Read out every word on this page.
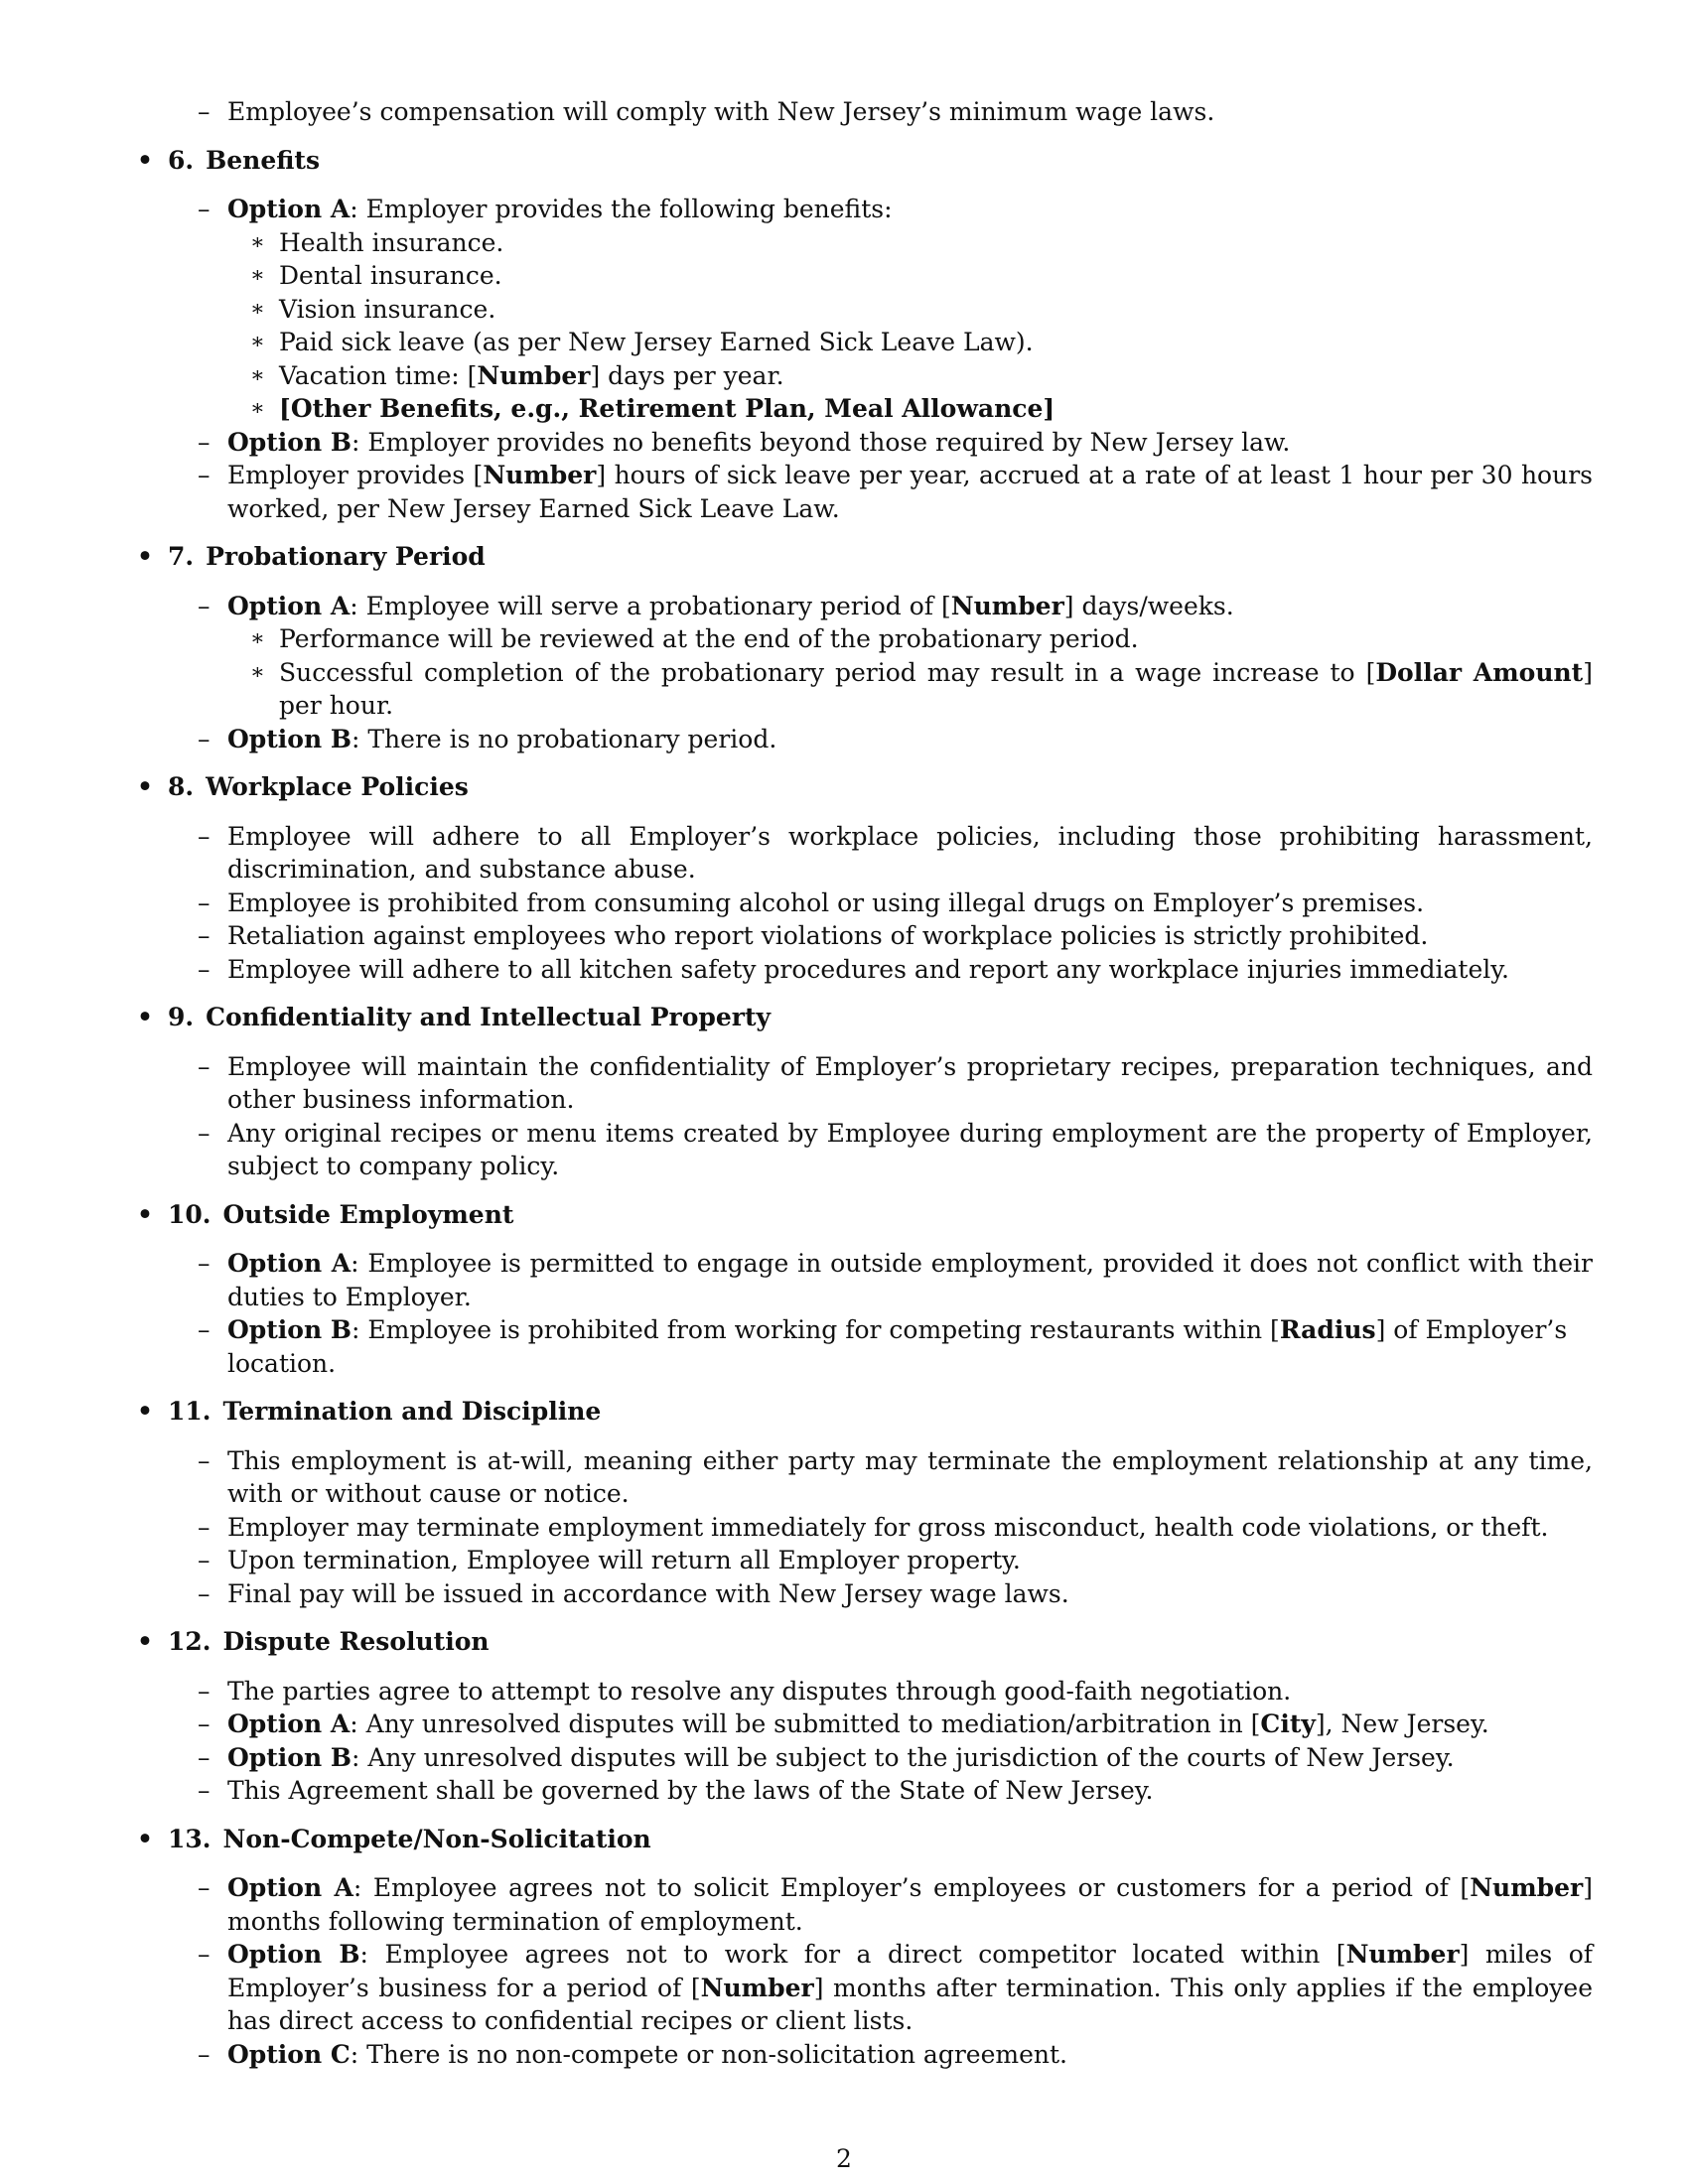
– Employee’s compensation will comply with New Jersey’s minimum wage laws.
• 6. Benefits
– Option A: Employer provides the following benefits:
∗ Health insurance.
∗ Dental insurance.
∗ Vision insurance.
∗ Paid sick leave (as per New Jersey Earned Sick Leave Law).
∗ Vacation time: [Number] days per year.
∗ [Other Benefits, e.g., Retirement Plan, Meal Allowance]
– Option B: Employer provides no benefits beyond those required by New Jersey law.
– Employer provides [Number] hours of sick leave per year, accrued at a rate of at least 1 hour per 30 hours worked, per New Jersey Earned Sick Leave Law.
• 7. Probationary Period
– Option A: Employee will serve a probationary period of [Number] days/weeks.
∗ Performance will be reviewed at the end of the probationary period.
∗ Successful completion of the probationary period may result in a wage increase to [Dollar Amount] per hour.
– Option B: There is no probationary period.
• 8. Workplace Policies
– Employee will adhere to all Employer’s workplace policies, including those prohibiting harassment, discrimination, and substance abuse.
– Employee is prohibited from consuming alcohol or using illegal drugs on Employer’s premises.
– Retaliation against employees who report violations of workplace policies is strictly prohibited.
– Employee will adhere to all kitchen safety procedures and report any workplace injuries immediately.
• 9. Confidentiality and Intellectual Property
– Employee will maintain the confidentiality of Employer’s proprietary recipes, preparation techniques, and other business information.
– Any original recipes or menu items created by Employee during employment are the property of Employer, subject to company policy.
• 10. Outside Employment
– Option A: Employee is permitted to engage in outside employment, provided it does not conflict with their duties to Employer.
– Option B: Employee is prohibited from working for competing restaurants within [Radius] of Employer’s location.
• 11. Termination and Discipline
– This employment is at-will, meaning either party may terminate the employment relationship at any time, with or without cause or notice.
– Employer may terminate employment immediately for gross misconduct, health code violations, or theft.
– Upon termination, Employee will return all Employer property.
– Final pay will be issued in accordance with New Jersey wage laws.
• 12. Dispute Resolution
– The parties agree to attempt to resolve any disputes through good-faith negotiation.
– Option A: Any unresolved disputes will be submitted to mediation/arbitration in [City], New Jersey.
– Option B: Any unresolved disputes will be subject to the jurisdiction of the courts of New Jersey.
– This Agreement shall be governed by the laws of the State of New Jersey.
• 13. Non-Compete/Non-Solicitation
– Option A: Employee agrees not to solicit Employer’s employees or customers for a period of [Number] months following termination of employment.
– Option B: Employee agrees not to work for a direct competitor located within [Number] miles of Employer’s business for a period of [Number] months after termination. This only applies if the employee has direct access to confidential recipes or client lists.
– Option C: There is no non-compete or non-solicitation agreement.
2
